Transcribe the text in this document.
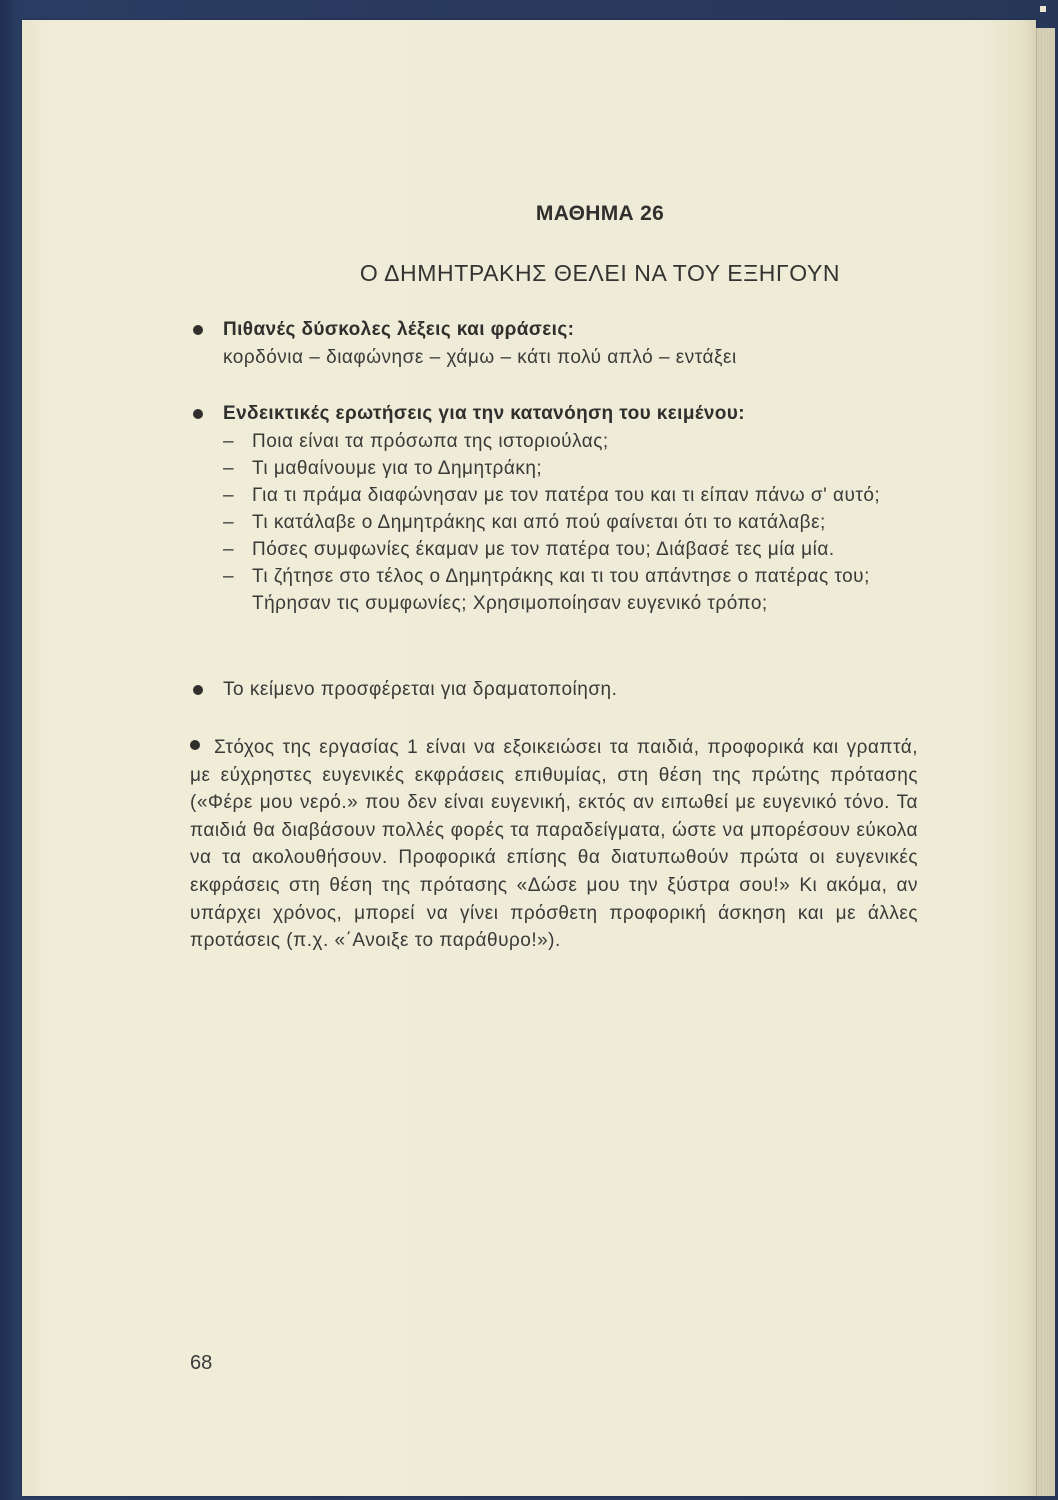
ΜΑΘΗΜΑ 26
Ο ΔΗΜΗΤΡΑΚΗΣ ΘΕΛΕΙ ΝΑ ΤΟΥ ΕΞΗΓΟΥΝ
Πιθανές δύσκολες λέξεις και φράσεις:
κορδόνια – διαφώνησε – χάμω – κάτι πολύ απλό – εντάξει
Ενδεικτικές ερωτήσεις για την κατανόηση του κειμένου:
– Ποια είναι τα πρόσωπα της ιστοριούλας;
– Τι μαθαίνουμε για το Δημητράκη;
– Για τι πράμα διαφώνησαν με τον πατέρα του και τι είπαν πάνω σ' αυτό;
– Τι κατάλαβε ο Δημητράκης και από πού φαίνεται ότι το κατάλαβε;
– Πόσες συμφωνίες έκαμαν με τον πατέρα του; Διάβασέ τες μία μία.
– Τι ζήτησε στο τέλος ο Δημητράκης και τι του απάντησε ο πατέρας του; Τήρησαν τις συμφωνίες; Χρησιμοποίησαν ευγενικό τρόπο;
Το κείμενο προσφέρεται για δραματοποίηση.
Στόχος της εργασίας 1 είναι να εξοικειώσει τα παιδιά, προφορικά και γραπτά, με εύχρηστες ευγενικές εκφράσεις επιθυμίας, στη θέση της πρώτης πρότασης («Φέρε μου νερό.» που δεν είναι ευγενική, εκτός αν ειπωθεί με ευγενικό τόνο. Τα παιδιά θα διαβάσουν πολλές φορές τα παραδείγματα, ώστε να μπορέσουν εύκολα να τα ακολουθήσουν. Προφορικά επίσης θα διατυπωθούν πρώτα οι ευγενικές εκφράσεις στη θέση της πρότασης «Δώσε μου την ξύστρα σου!» Κι ακόμα, αν υπάρχει χρόνος, μπορεί να γίνει πρόσθετη προφορική άσκηση και με άλλες προτάσεις (π.χ. «΄Ανοιξε το παράθυρο!»).
68
